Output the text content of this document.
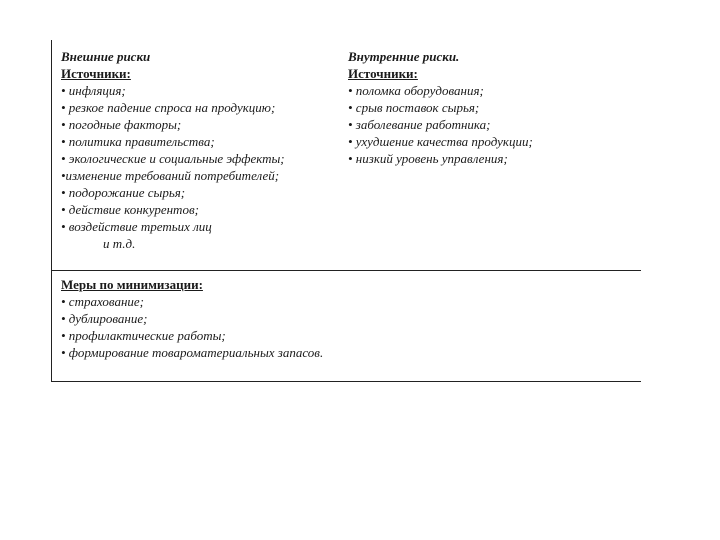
Внешние риски
Источники:
• инфляция;
• резкое падение спроса на продукцию;
• погодные факторы;
• политика правительства;
• экологические и социальные эффекты;
•изменение требований потребителей;
• подорожание сырья;
• действие конкурентов;
• воздействие третьих лиц
и т.д.
Внутренние риски.
Источники:
• поломка оборудования;
• срыв поставок сырья;
• заболевание работника;
• ухудшение качества продукции;
• низкий уровень управления;
Меры по минимизации:
• страхование;
• дублирование;
• профилактические работы;
• формирование товароматериальных запасов.
